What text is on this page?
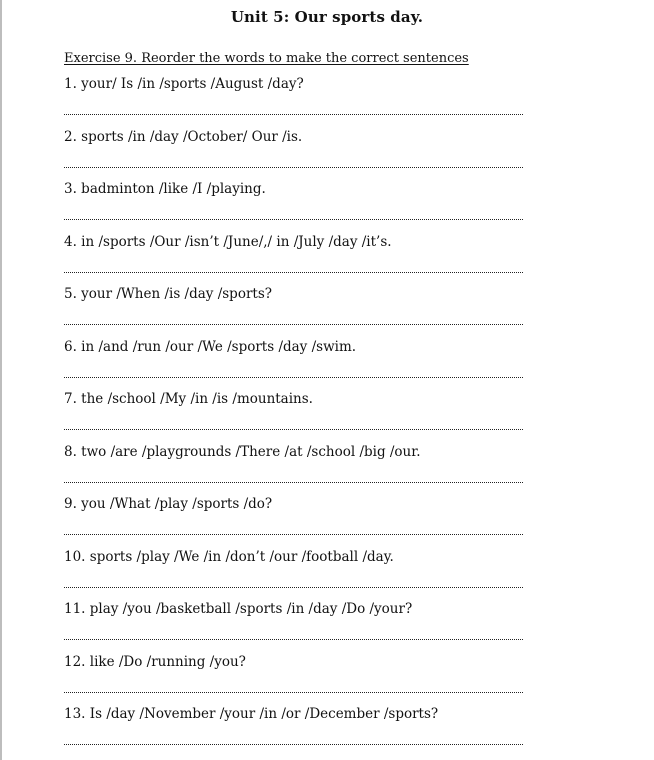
Unit 5: Our sports day.
Exercise 9. Reorder the words to make the correct sentences
1. your/ Is /in /sports /August /day?
2. sports /in /day /October/ Our /is.
3. badminton /like /I /playing.
4. in /sports /Our /isn’t /June/,/ in /July /day /it’s.
5. your /When /is /day /sports?
6. in /and /run /our /We /sports /day /swim.
7. the /school /My /in /is /mountains.
8. two /are /playgrounds /There /at /school /big /our.
9. you /What /play /sports /do?
10. sports /play /We /in /don’t /our /football /day.
11. play /you /basketball /sports /in /day /Do /your?
12. like /Do /running /you?
13. Is /day /November /your /in /or /December /sports?
